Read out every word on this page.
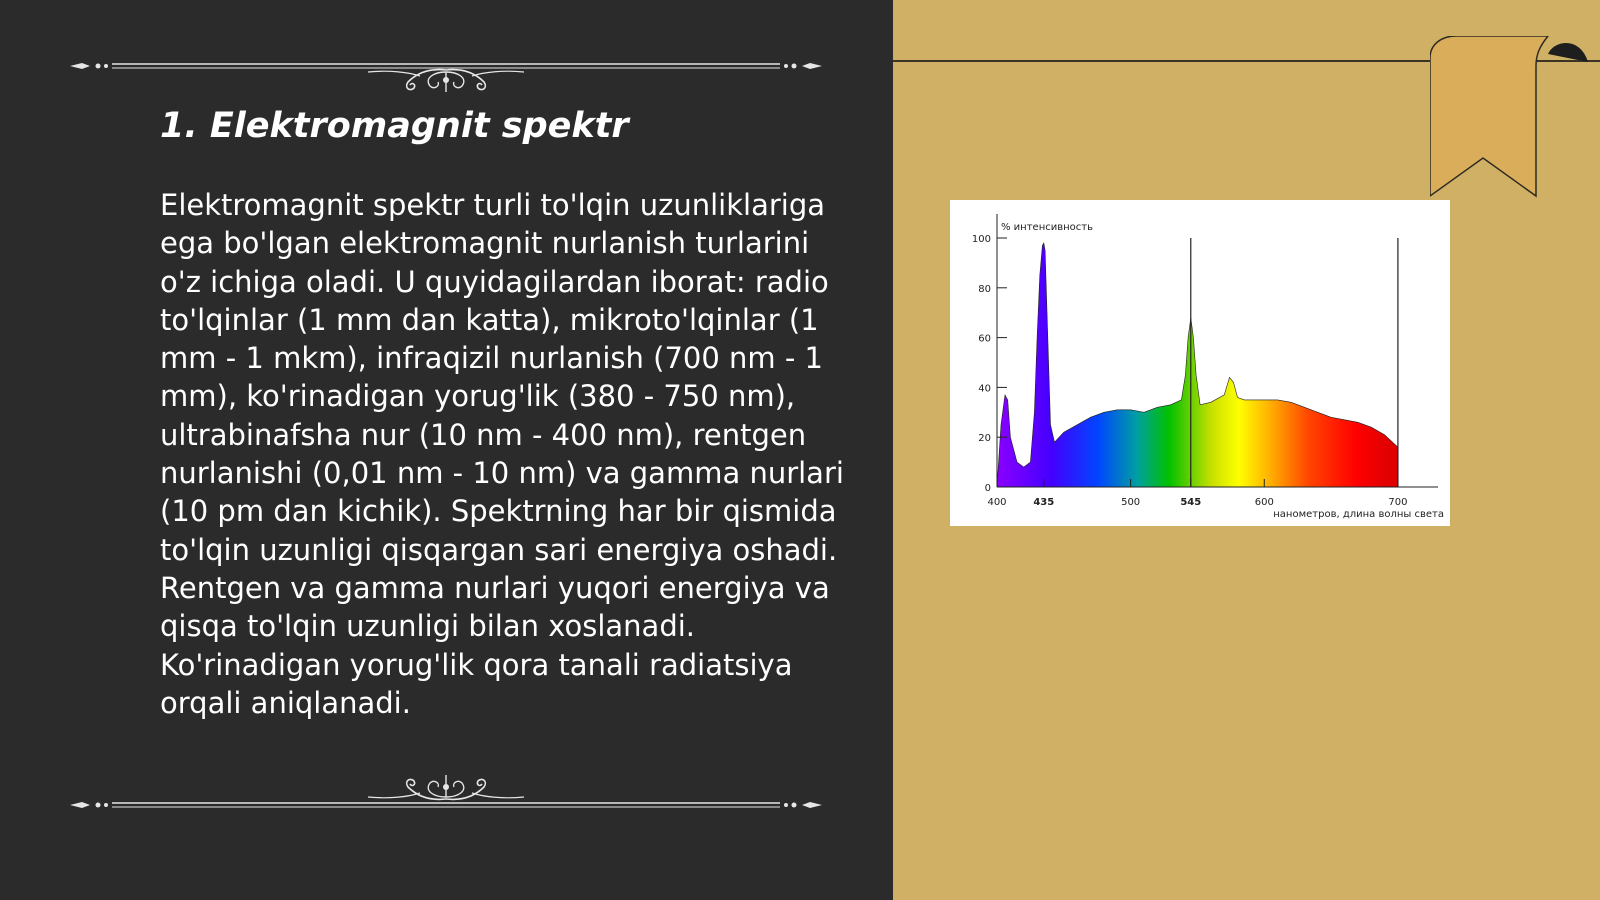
1. Elektromagnit spektr

Elektromagnit spektr turli to'lqin uzunliklariga ega bo'lgan elektromagnit nurlanish turlarini o'z ichiga oladi. U quyidagilardan iborat: radio to'lqinlar (1 mm dan katta), mikroto'lqinlar (1 mm - 1 mkm), infraqizil nurlanish (700 nm - 1 mm), ko'rinadigan yorug'lik (380 - 750 nm), ultrabinafsha nur (10 nm - 400 nm), rentgen nurlanishi (0,01 nm - 10 nm) va gamma nurlari (10 pm dan kichik). Spektrning har bir qismida to'lqin uzunligi qisqargan sari energiya oshadi. Rentgen va gamma nurlari yuqori energiya va qisqa to'lqin uzunligi bilan xoslanadi. Ko'rinadigan yorug'lik qora tanali radiatsiya orqali aniqlanadi.

0
20
40
60
80
100
400	435	500	545	600	700
% интенсивность
нанометров, длина волны света
